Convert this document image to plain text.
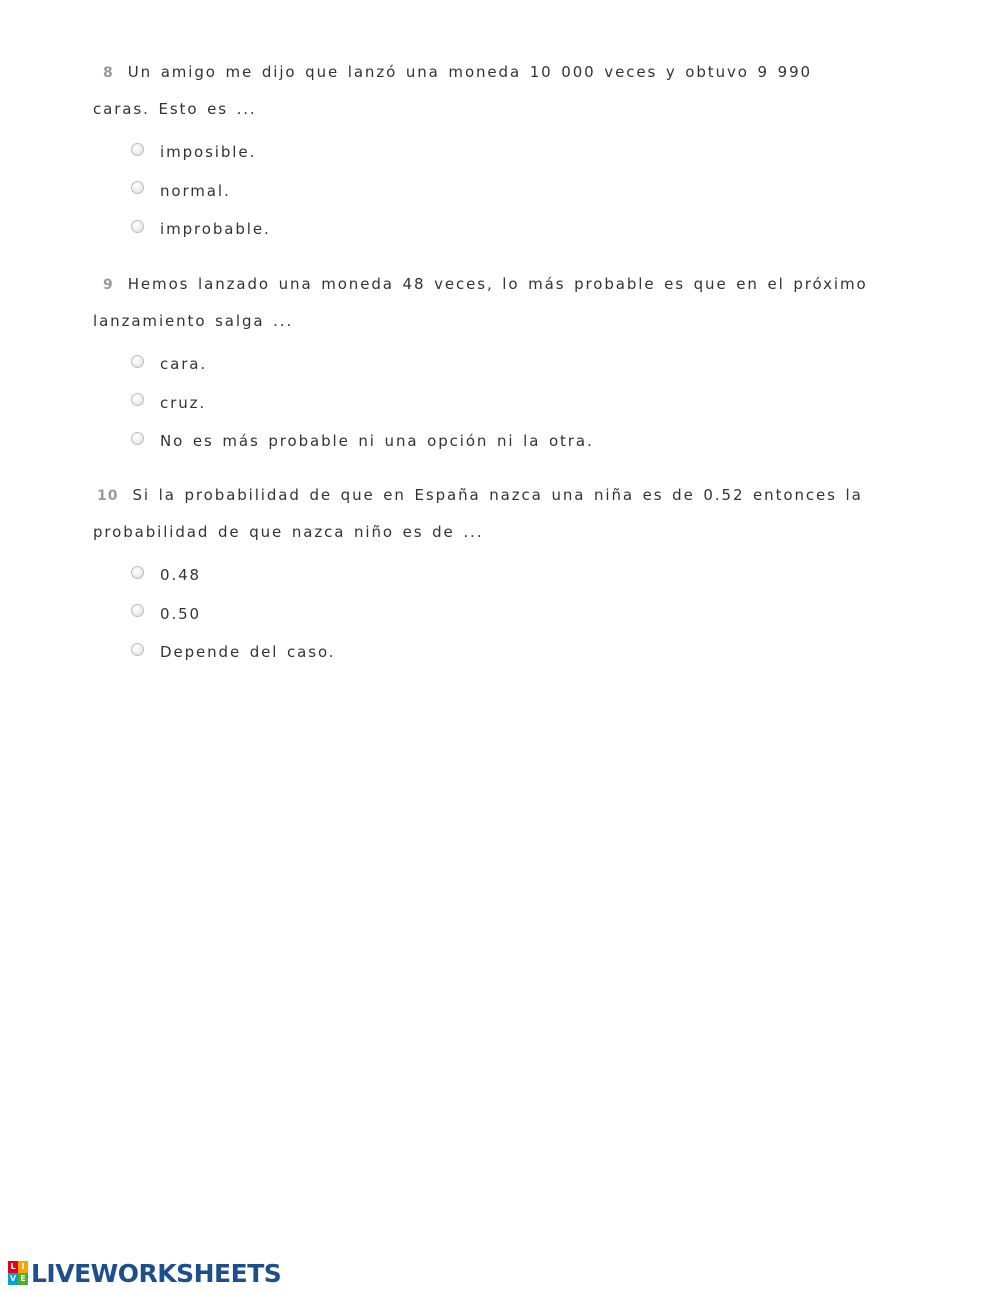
8 Un amigo me dijo que lanzó una moneda 10 000 veces y obtuvo 9 990 caras. Esto es ...

imposible.
normal.
improbable.

9 Hemos lanzado una moneda 48 veces, lo más probable es que en el próximo lanzamiento salga ...

cara.
cruz.
No es más probable ni una opción ni la otra.

10 Si la probabilidad de que en España nazca una niña es de 0.52 entonces la probabilidad de que nazca niño es de ...

0.48
0.50
Depende del caso.
L I
V E LIVEWORKSHEETS
